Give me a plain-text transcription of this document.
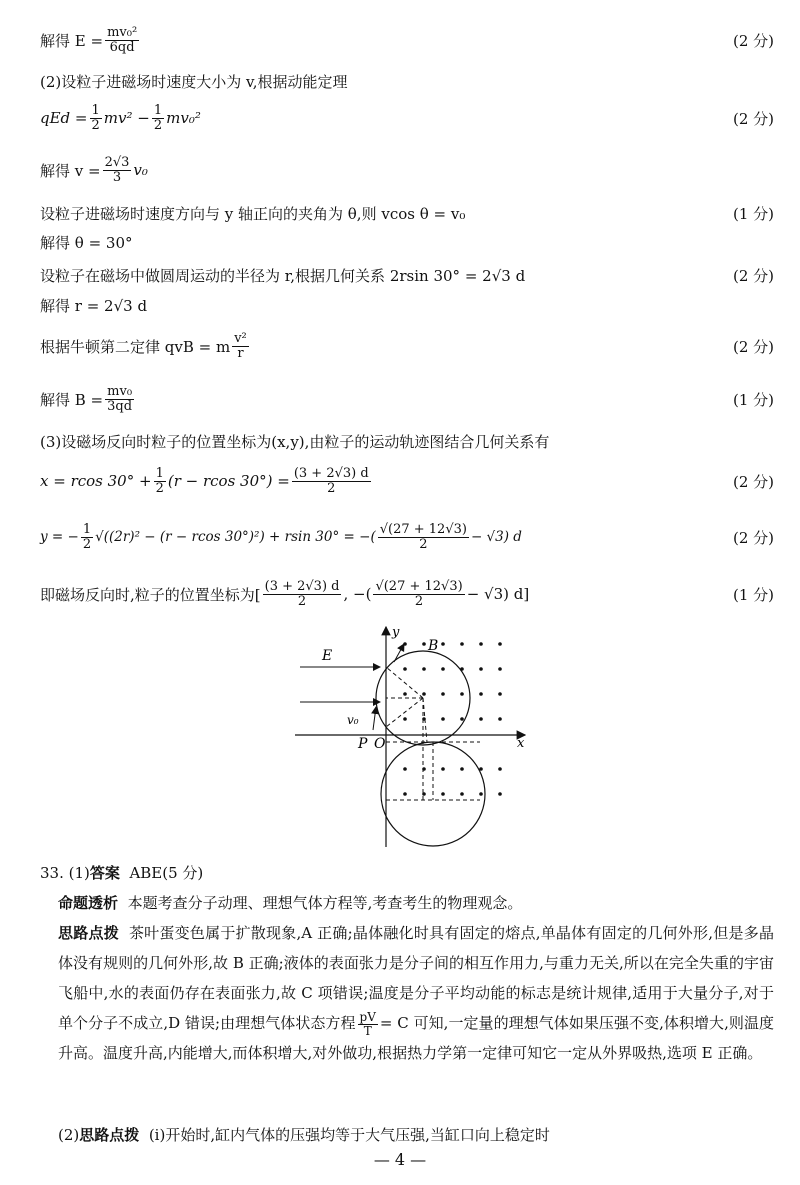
解得 $E = \frac{\text{mv₀²}}{6qd}$	(2 分)
(2)设粒子进磁场时速度大小为 v,根据动能定理
qEd = $\frac{1}{2} mv^2 - \frac{1}{2} mv_0^2$	(2 分)
解得 $v = \frac{2√3}{3} v_0$
设粒子进磁场时速度方向与 y 轴正向的夹角为 θ,则 vcos θ = v₀	(1 分)
解得 θ = 30°
设粒子在磁场中做圆周运动的半径为 r,根据几何关系 2rsin 30° = 2√3 d	(2 分)
解得 r = 2√3 d
根据牛顿第二定律 qvB = m $\frac{\text{v²}}{r}$	(2 分)
解得 $B = \frac{\text{mv₀}}{3qd}$	(1 分)
(3)设磁场反向时粒子的位置坐标为(x,y),由粒子的运动轨迹图结合几何关系有
x = rcos $30^\circ + \frac{1}{2} (r - rcos$ $30^\circ) = \frac{(3 + 2√3) d}{2}$	(2 分)
y = − $\frac{1}{2} √((2r)^2 - (r - rcos$ 30°)²) + rsin 30° = −( $\frac{√(27 + 12√3)}{2} - √3$) d	(2 分)
即磁场反向时,粒子的位置坐标为[ $\frac{(3 + 2√3) d}{2}$ , −( $\frac{√(27 + 12√3)}{2} - √3$) d]	(1 分)
E
B
y
x
v₀
P O
33. (1)答案 ABE(5 分)
命题透析 本题考查分子动理、理想气体方程等,考查考生的物理观念。
思路点拨 茶叶蛋变色属于扩散现象,A 正确;晶体融化时具有固定的熔点,单晶体有固定的几何外形,但是多晶体没有规则的几何外形,故 B 正确;液体的表面张力是分子间的相互作用力,与重力无关,所以在完全失重的宇宙飞船中,水的表面仍存在表面张力,故 C 项错误;温度是分子平均动能的标志是统计规律,适用于大量分子,对于单个分子不成立,D 错误;由理想气体状态方程 $\frac{pV}{T} = C$ 可知,一定量的理想气体如果压强不变,体积增大,则温度升高。温度升高,内能增大,而体积增大,对外做功,根据热力学第一定律可知它一定从外界吸热,选项 E 正确。
(2)思路点拨 (ⅰ)开始时,缸内气体的压强均等于大气压强,当缸口向上稳定时
— 4 —
